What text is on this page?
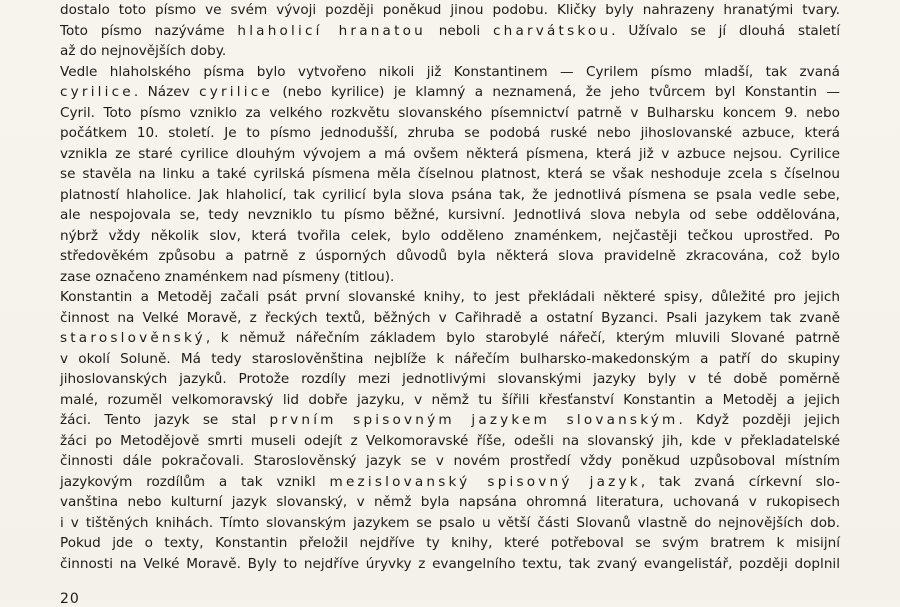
dostalo toto písmo ve svém vývoji později poněkud jinou podobu. Kličky byly nahrazeny hranatými tvary.
Toto písmo nazýváme hlaholicí hranatou neboli charvátskou. Užívalo se jí dlouhá staletí
až do nejnovějších doby.
Vedle hlaholského písma bylo vytvořeno nikoli již Konstantinem — Cyrilem písmo mladší, tak zvaná
cyrilice. Název cyrilice (nebo kyrilice) je klamný a neznamená, že jeho tvůrcem byl Konstantin —
Cyril. Toto písmo vzniklo za velkého rozkvětu slovanského písemnictví patrně v Bulharsku koncem 9. nebo
počátkem 10. století. Je to písmo jednodušší, zhruba se podobá ruské nebo jihoslovanské azbuce, která
vznikla ze staré cyrilice dlouhým vývojem a má ovšem některá písmena, která již v azbuce nejsou. Cyrilice
se stavěla na linku a také cyrilská písmena měla číselnou platnost, která se však neshoduje zcela s číselnou
platností hlaholice. Jak hlaholicí, tak cyrilicí byla slova psána tak, že jednotlivá písmena se psala vedle sebe,
ale nespojovala se, tedy nevzniklo tu písmo běžné, kursivní. Jednotlivá slova nebyla od sebe oddělována,
nýbrž vždy několik slov, která tvořila celek, bylo odděleno znaménkem, nejčastěji tečkou uprostřed. Po
středověkém způsobu a patrně z úsporných důvodů byla některá slova pravidelně zkracována, což bylo
zase označeno znaménkem nad písmeny (titlou).
Konstantin a Metoděj začali psát první slovanské knihy, to jest překládali některé spisy, důležité pro jejich
činnost na Velké Moravě, z řeckých textů, běžných v Cařihradě a ostatní Byzanci. Psali jazykem tak zvaně
staroslověnský, k němuž nářečním základem bylo starobylé nářečí, kterým mluvili Slované patrně
v okolí Soluně. Má tedy staroslověnština nejblíže k nářečím bulharsko-makedonským a patří do skupiny
jihoslovanských jazyků. Protože rozdíly mezi jednotlivými slovanskými jazyky byly v té době poměrně
malé, rozuměl velkomoravský lid dobře jazyku, v němž tu šířili křesťanství Konstantin a Metoděj a jejich
žáci. Tento jazyk se stal prvním spisovným jazykem slovanským. Když později jejich
žáci po Metodějově smrti museli odejít z Velkomoravské říše, odešli na slovanský jih, kde v překladatelské
činnosti dále pokračovali. Staroslověnský jazyk se v novém prostředí vždy poněkud uzpůsoboval místním
jazykovým rozdílům a tak vznikl mezislovanský spisovný jazyk, tak zvaná církevní slo-
vanština nebo kulturní jazyk slovanský, v němž byla napsána ohromná literatura, uchovaná v rukopisech
i v tištěných knihách. Tímto slovanským jazykem se psalo u větší části Slovanů vlastně do nejnovějších dob.
Pokud jde o texty, Konstantin přeložil nejdříve ty knihy, které potřeboval se svým bratrem k misijní
činnosti na Velké Moravě. Byly to nejdříve úryvky z evangelního textu, tak zvaný evangelistář, později doplnil
20
